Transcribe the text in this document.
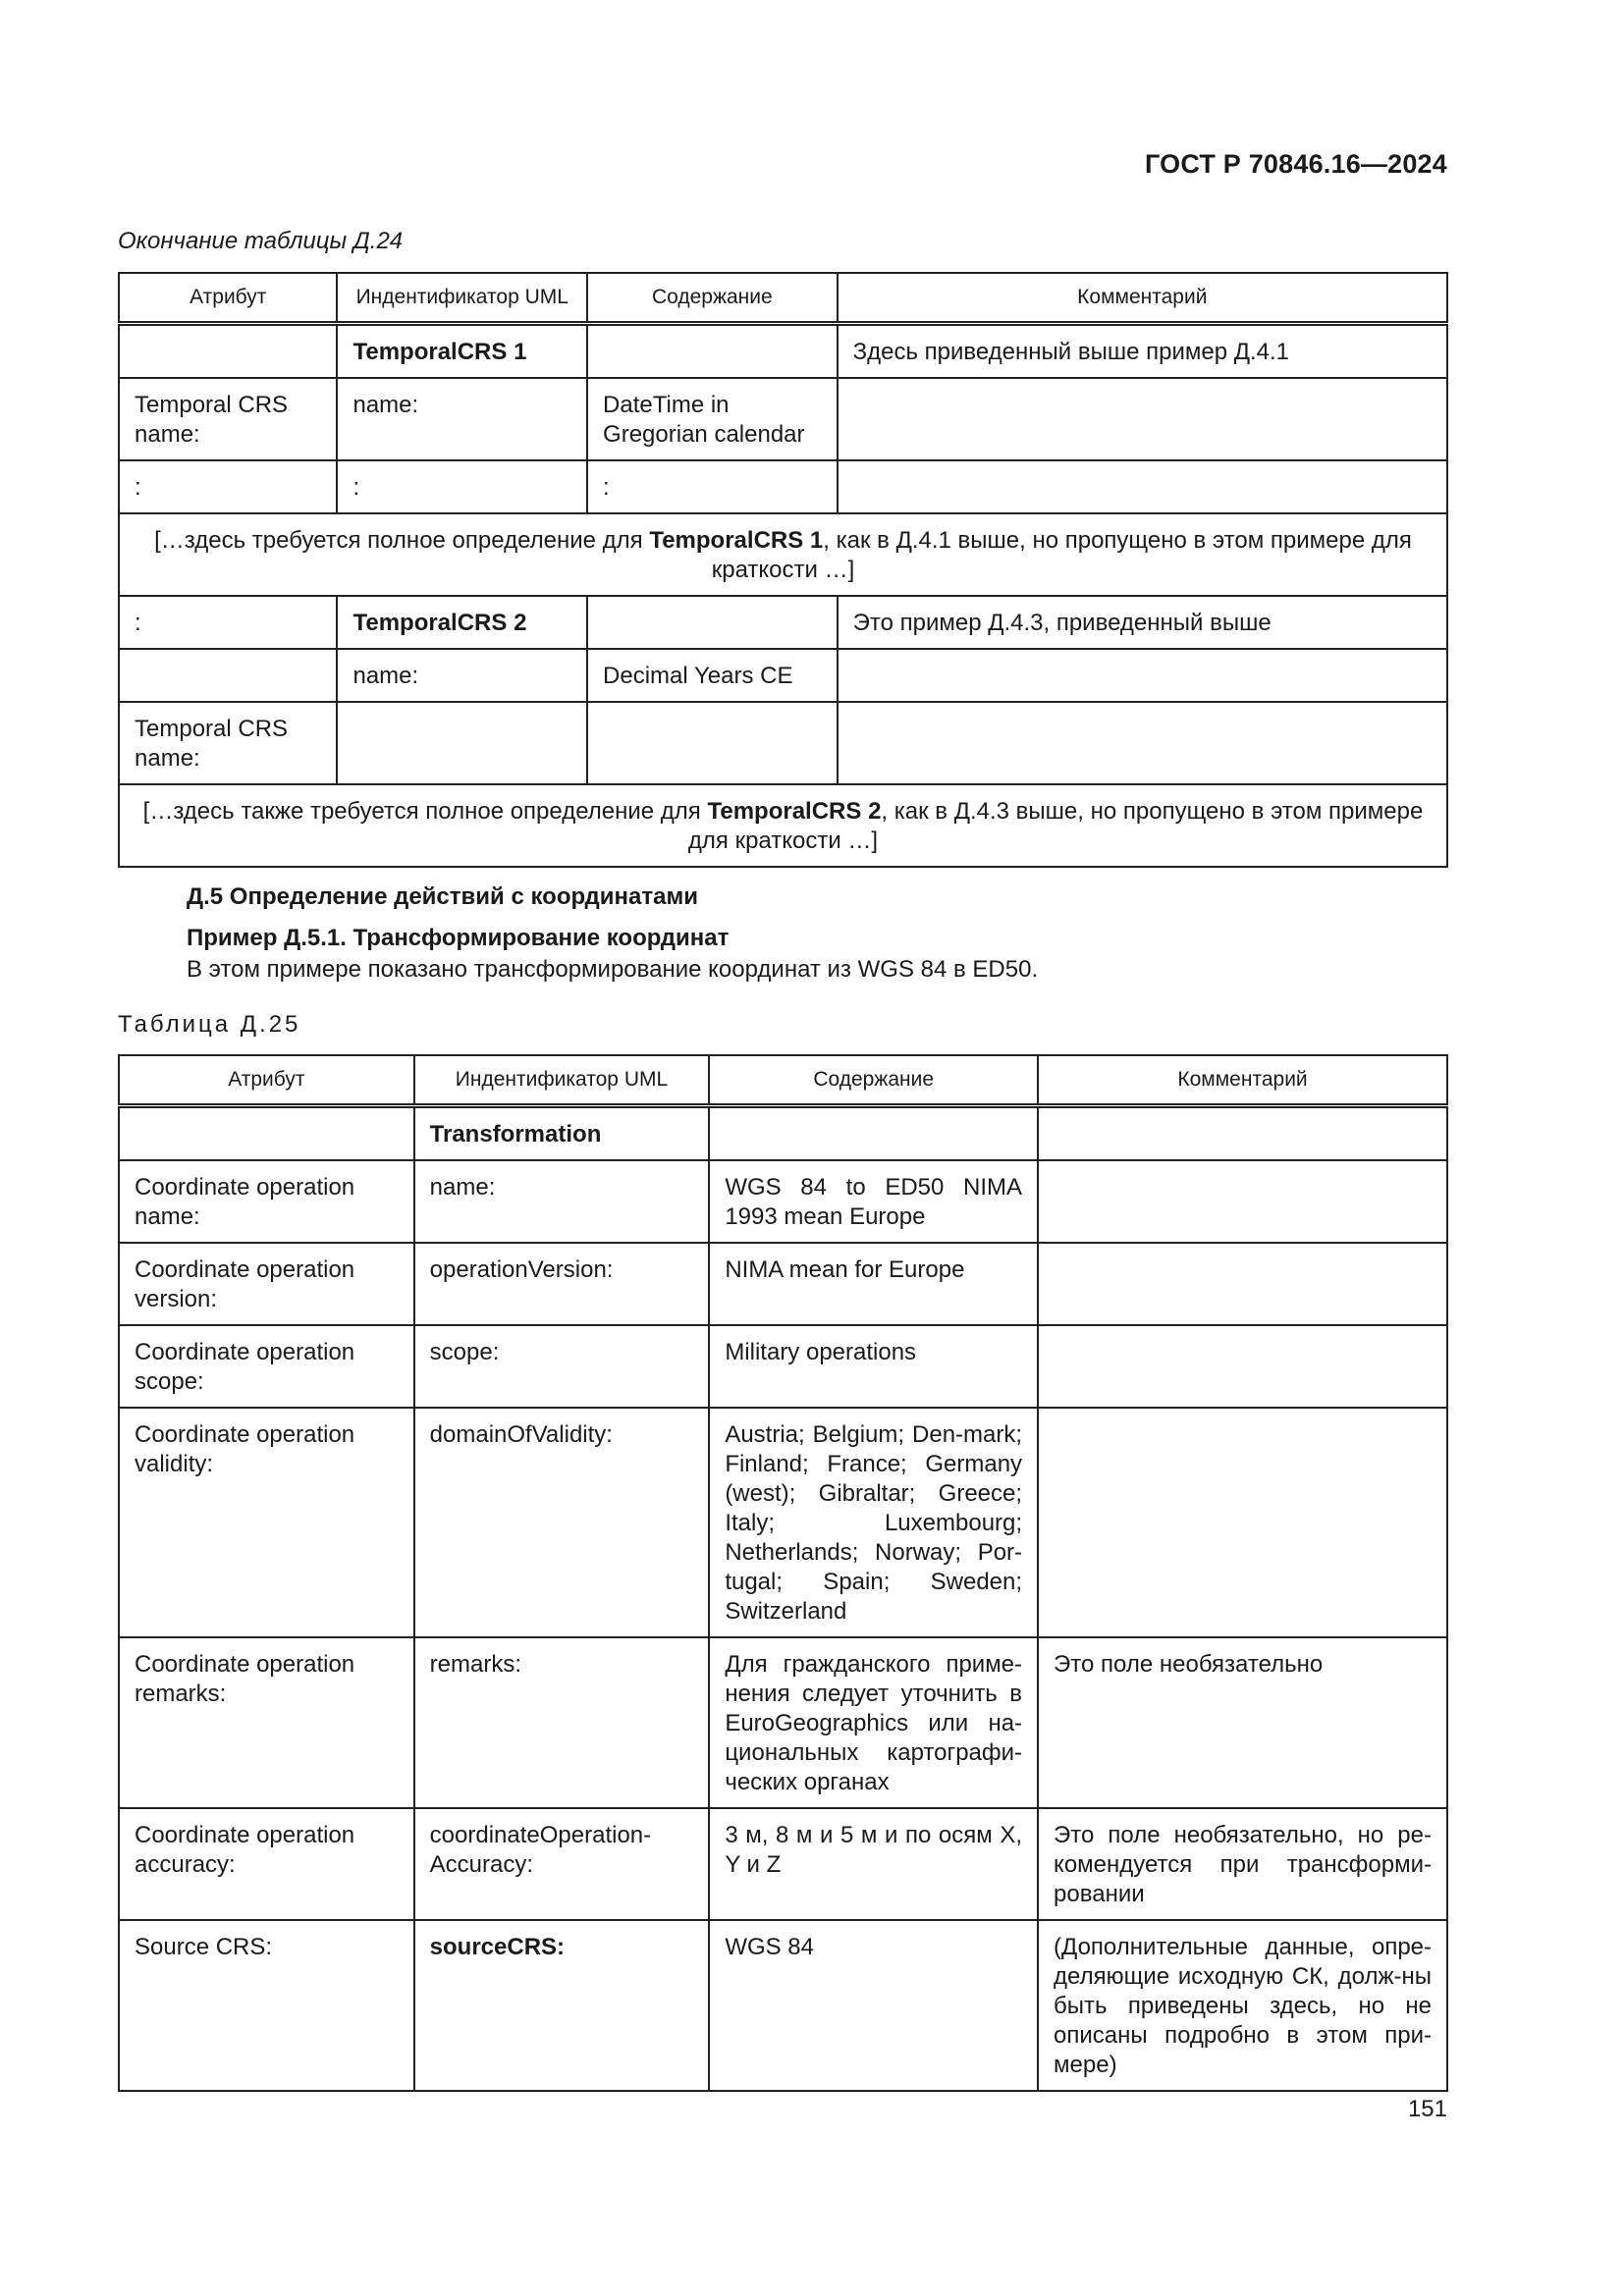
ГОСТ Р 70846.16—2024
Окончание таблицы Д.24
Атрибут	Индентификатор UML	Содержание	Комментарий
	TemporalCRS 1		Здесь приведенный выше пример Д.4.1
Temporal CRS name:	name:	DateTime in Gregorian calendar	
:	:	:	
[…здесь требуется полное определение для TemporalCRS 1, как в Д.4.1 выше, но пропущено в этом примере для краткости …]			
:	TemporalCRS 2		Это пример Д.4.3, приведенный выше
	name:	Decimal Years CE	
Temporal CRS name:			
[…здесь также требуется полное определение для TemporalCRS 2, как в Д.4.3 выше, но пропущено в этом примере для краткости …]			
Д.5 Определение действий с координатами
Пример Д.5.1. Трансформирование координат
В этом примере показано трансформирование координат из WGS 84 в ED50.
Таблица Д.25
Атрибут	Индентификатор UML	Содержание	Комментарий
	Transformation		
Coordinate operation name:	name:	WGS 84 to ED50 NIMA 1993 mean Europe	
Coordinate operation version:	operationVersion:	NIMA mean for Europe	
Coordinate operation scope:	scope:	Military operations	
Coordinate operation validity:	domainOfValidity:	Austria; Belgium; Den-mark; Finland; France; Germany (west); Gibraltar; Greece; Italy; Luxembourg; Netherlands; Norway; Por-tugal; Spain; Sweden; Switzerland	
Coordinate operation remarks:	remarks:	Для гражданского приме-нения следует уточнить в EuroGeographics или на-циональных картографи-ческих органах	Это поле необязательно
Coordinate operation accuracy:	coordinateOperation-Accuracy:	3 м, 8 м и 5 м и по осям X, Y и Z	Это поле необязательно, но ре-комендуется при трансформи-ровании
Source CRS:	sourceCRS:	WGS 84	(Дополнительные данные, опре-деляющие исходную СК, долж-ны быть приведены здесь, но не описаны подробно в этом при-мере)
151
